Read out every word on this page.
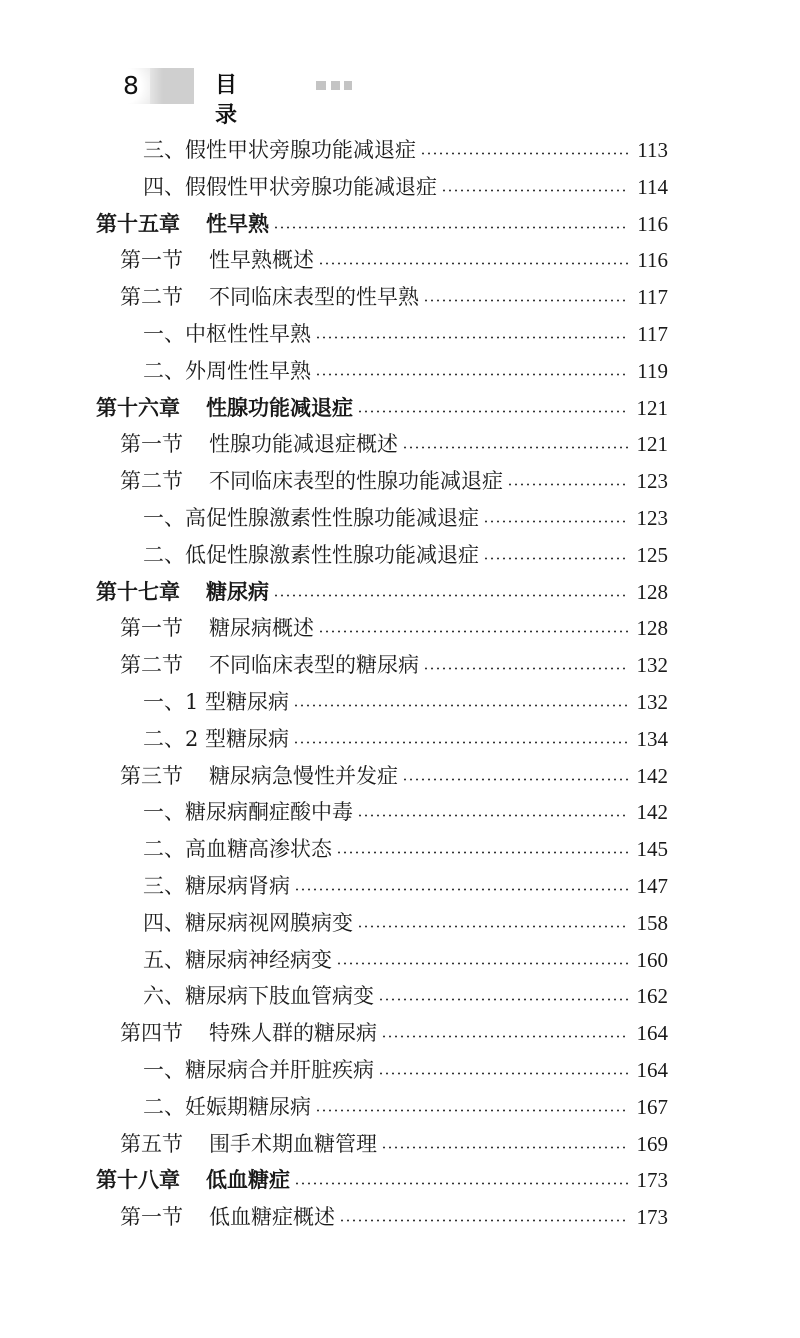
8	目 录
三、假性甲状旁腺功能减退症	113
四、假假性甲状旁腺功能减退症	114
第十五章 性早熟	116
第一节 性早熟概述	116
第二节 不同临床表型的性早熟	117
一、中枢性性早熟	117
二、外周性性早熟	119
第十六章 性腺功能减退症	121
第一节 性腺功能减退症概述	121
第二节 不同临床表型的性腺功能减退症	123
一、高促性腺激素性性腺功能减退症	123
二、低促性腺激素性性腺功能减退症	125
第十七章 糖尿病	128
第一节 糖尿病概述	128
第二节 不同临床表型的糖尿病	132
一、1 型糖尿病	132
二、2 型糖尿病	134
第三节 糖尿病急慢性并发症	142
一、糖尿病酮症酸中毒	142
二、高血糖高渗状态	145
三、糖尿病肾病	147
四、糖尿病视网膜病变	158
五、糖尿病神经病变	160
六、糖尿病下肢血管病变	162
第四节 特殊人群的糖尿病	164
一、糖尿病合并肝脏疾病	164
二、妊娠期糖尿病	167
第五节 围手术期血糖管理	169
第十八章 低血糖症	173
第一节 低血糖症概述	173
